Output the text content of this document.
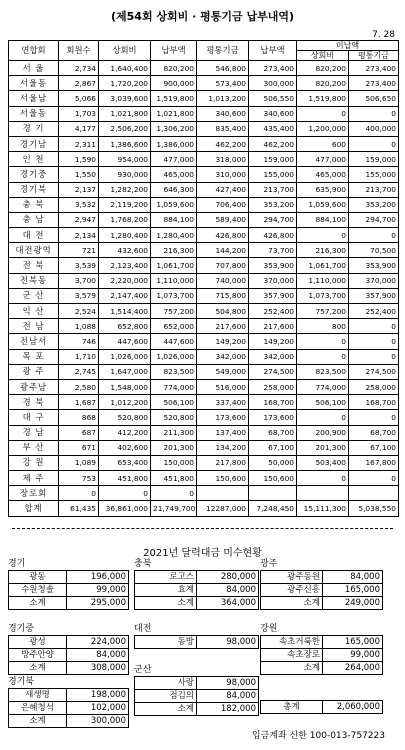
(제54회 상회비 · 평통기금 납부내역)
7. 28
연합회	회원수	상회비	납부액	평통기금	납부액	미납액	
						상회비	평통기금
서 울	2,734	1,640,400	820,200	546,800	273,400	820,200	273,400
서울동	2,867	1,720,200	900,000	573,400	300,000	820,200	273,400
서울남	5,066	3,039,600	1,519,800	1,013,200	506,550	1,519,800	506,650
서울동	1,703	1,021,800	1,021,800	340,600	340,600	0	0
경 기	4,177	2,506,200	1,306,200	835,400	435,400	1,200,000	400,000
경기남	2,311	1,386,600	1,386,000	462,200	462,200	600	0
인 천	1,590	954,000	477,000	318,000	159,000	477,000	159,000
경기중	1,550	930,000	465,000	310,000	155,000	465,000	155,000
경기북	2,137	1,282,200	646,300	427,400	213,700	635,900	213,700
충 북	3,532	2,119,200	1,059,600	706,400	353,200	1,059,600	353,200
충 남	2,947	1,768,200	884,100	589,400	294,700	884,100	294,700
대 전	2,134	1,280,400	1,280,400	426,800	426,800	0	0
대전광역	721	432,600	216,300	144,200	73,700	216,300	70,500
전 북	3,539	2,123,400	1,061,700	707,800	353,900	1,061,700	353,900
전북동	3,700	2,220,000	1,110,000	740,000	370,000	1,110,000	370,000
군 산	3,579	2,147,400	1,073,700	715,800	357,900	1,073,700	357,900
익 산	2,524	1,514,400	757,200	504,800	252,400	757,200	252,400
전 남	1,088	652,800	652,000	217,600	217,600	800	0
전남서	746	447,600	447,600	149,200	149,200	0	0
목 포	1,710	1,026,000	1,026,000	342,000	342,000	0	0
광 주	2,745	1,647,000	823,500	549,000	274,500	823,500	274,500
광주남	2,580	1,548,000	774,000	516,000	258,000	774,000	258,000
경 북	1,687	1,012,200	506,100	337,400	168,700	506,100	168,700
대 구	868	520,800	520,800	173,600	173,600	0	0
경 남	687	412,200	211,300	137,400	68,700	200,900	68,700
부 산	671	402,600	201,300	134,200	67,100	201,300	67,100
강 원	1,089	653,400	150,000	217,800	50,000	503,400	167,800
제 주	753	451,800	451,800	150,600	150,600	0	0
장로회	0	0	0				
합계	61,435	36,861,000	21,749,700	12287,000	7,248,450	15,111,300	5,038,550
2021년 달력대금 미수현황
경기
광동	196,000
수원청솔	99,000
소계	295,000
충북
로고스	280,000
효계	84,000
소계	364,000
광주
광주동원	84,000
광주신흥	165,000
소계	249,000
경기중
광성	224,000
방주안양	84,000
소계	308,000
대전
동방	98,000
강원
속초거룩한	165,000
속초장로	99,000
소계	264,000
군산
사랑	98,000
점김의	84,000
소계	182,000
경기북
새생명	198,000
은혜청석	102,000
소계	300,000
총계	2,060,000
입금계좌 신한 100-013-757223
